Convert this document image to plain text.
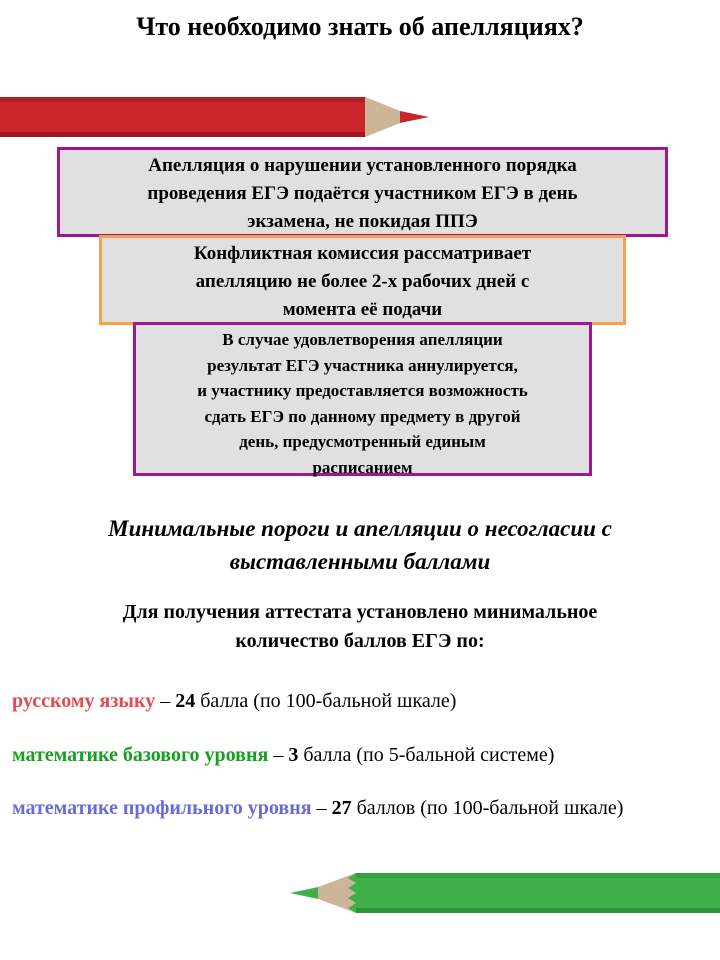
Что необходимо знать об апелляциях?
Апелляция о нарушении установленного порядка
проведения ЕГЭ подаётся участником ЕГЭ в день
экзамена, не покидая ППЭ
Конфликтная комиссия рассматривает
апелляцию не более 2-х рабочих дней с
момента её подачи
В случае удовлетворения апелляции
результат ЕГЭ участника аннулируется,
и участнику предоставляется возможность
сдать ЕГЭ по данному предмету в другой
день, предусмотренный единым
расписанием
Минимальные пороги и апелляции о несогласии с
выставленными баллами
Для получения аттестата установлено минимальное
количество баллов ЕГЭ по:
русскому языку – 24 балла (по 100-бальной шкале)
математике базового уровня – 3 балла (по 5-бальной системе)
математике профильного уровня – 27 баллов (по 100-бальной шкале)
